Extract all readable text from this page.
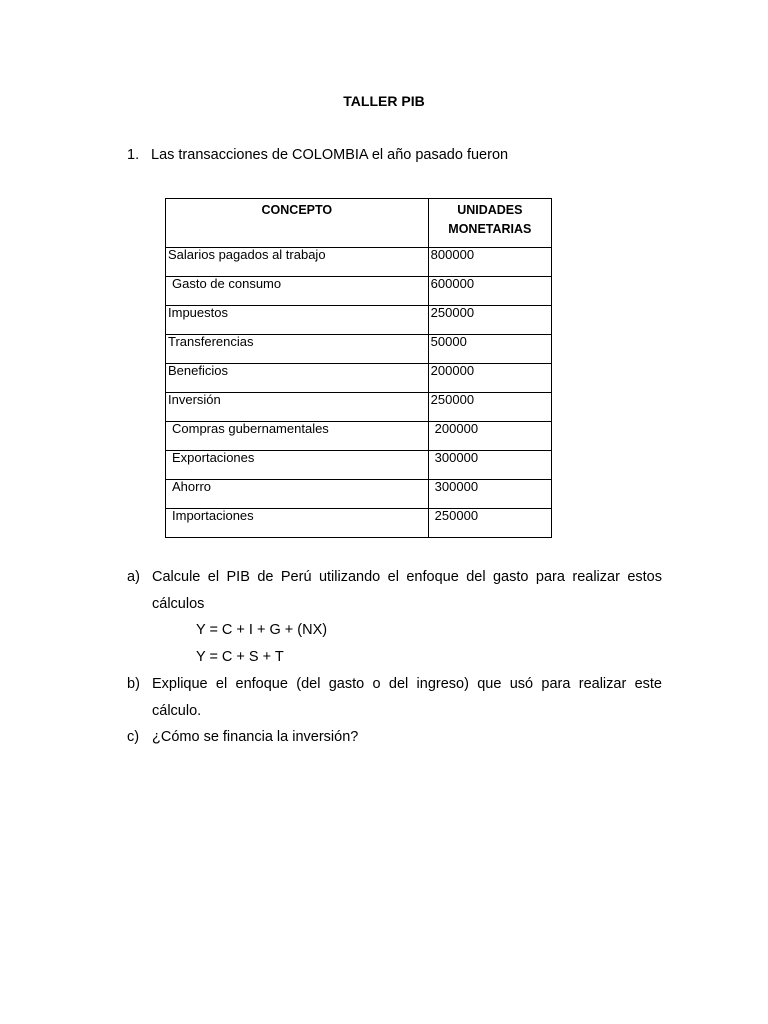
TALLER PIB
1. Las transacciones de COLOMBIA el año pasado fueron
CONCEPTO	UNIDADES MONETARIAS
Salarios pagados al trabajo	800000
Gasto de consumo	600000
Impuestos	250000
Transferencias	50000
Beneficios	200000
Inversión	250000
Compras gubernamentales	200000
Exportaciones	300000
Ahorro	300000
Importaciones	250000
a) Calcule el PIB de Perú utilizando el enfoque del gasto para realizar estos cálculos
Y = C + I + G + (NX)
Y = C + S + T
b) Explique el enfoque (del gasto o del ingreso) que usó para realizar este cálculo.
c) ¿Cómo se financia la inversión?
